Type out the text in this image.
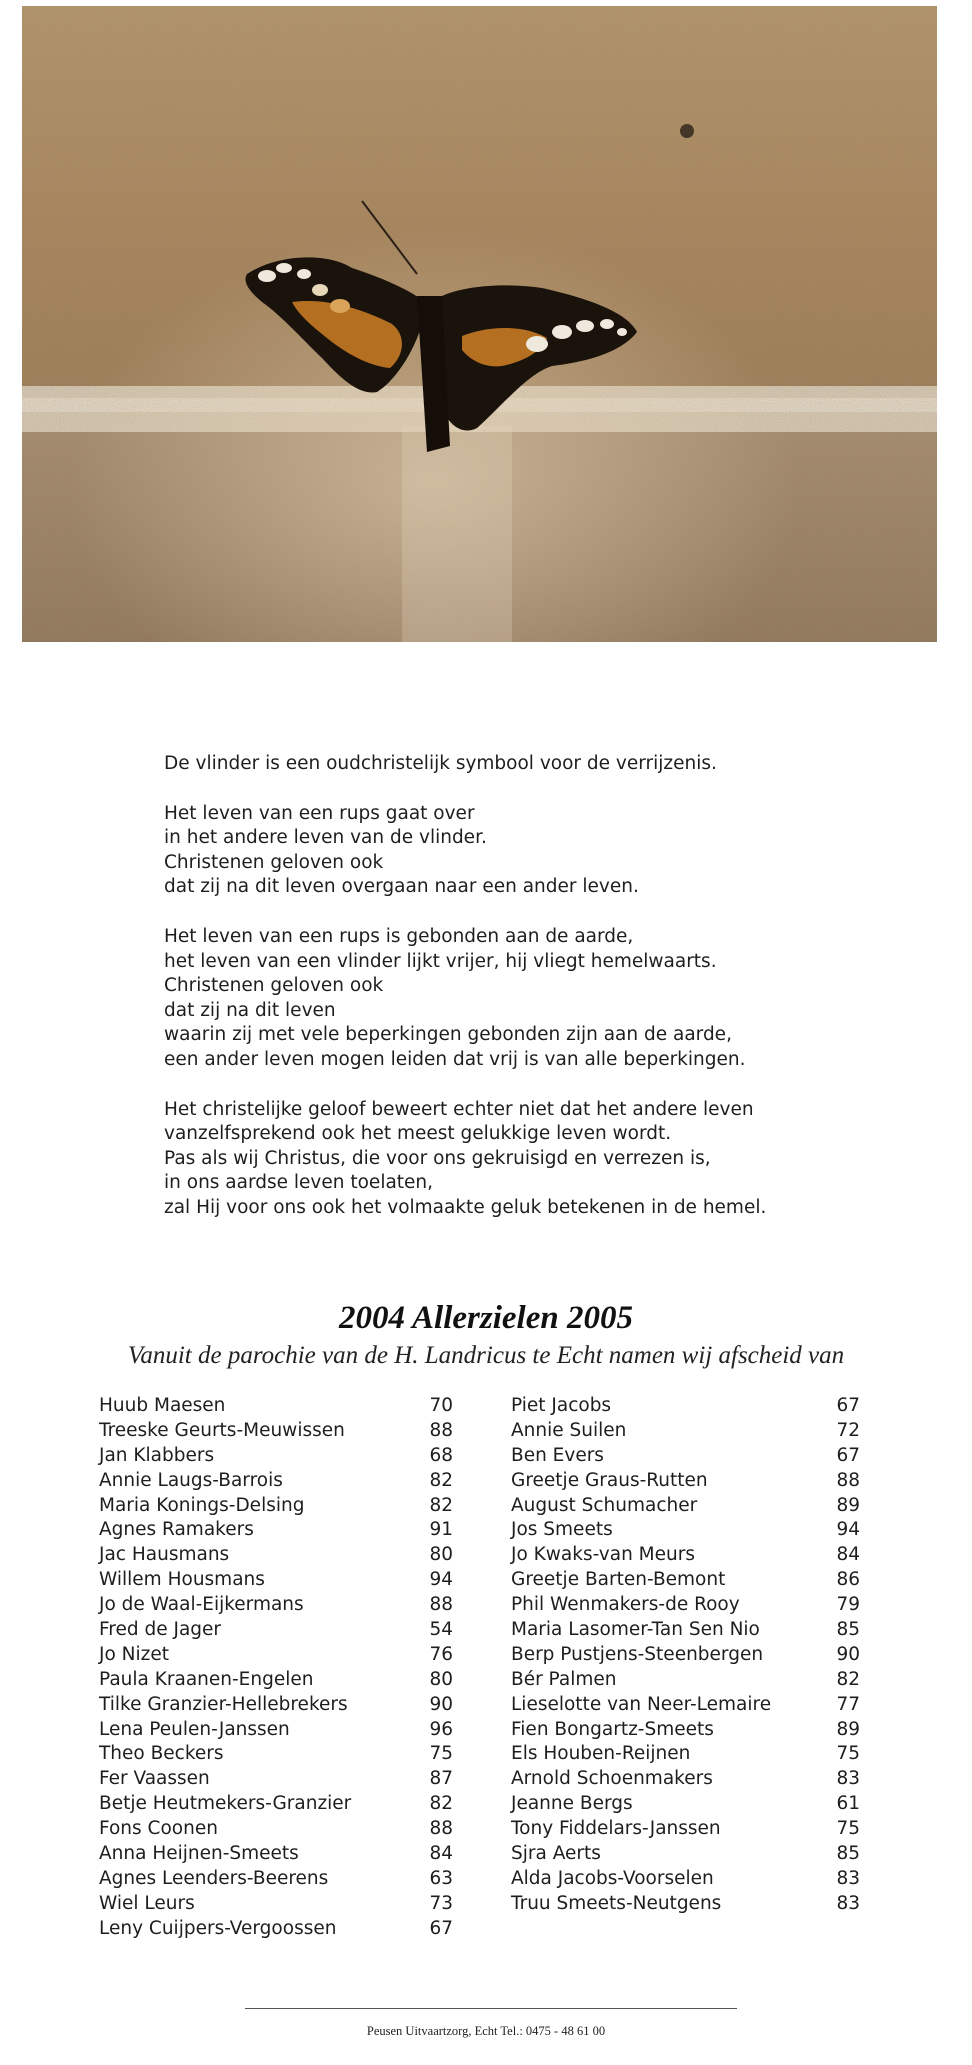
De vlinder is een oudchristelijk symbool voor de verrijzenis.
Het leven van een rups gaat over
in het andere leven van de vlinder.
Christenen geloven ook
dat zij na dit leven overgaan naar een ander leven.
Het leven van een rups is gebonden aan de aarde,
het leven van een vlinder lijkt vrijer, hij vliegt hemelwaarts.
Christenen geloven ook
dat zij na dit leven
waarin zij met vele beperkingen gebonden zijn aan de aarde,
een ander leven mogen leiden dat vrij is van alle beperkingen.
Het christelijke geloof beweert echter niet dat het andere leven
vanzelfsprekend ook het meest gelukkige leven wordt.
Pas als wij Christus, die voor ons gekruisigd en verrezen is,
in ons aardse leven toelaten,
zal Hij voor ons ook het volmaakte geluk betekenen in de hemel.
2004 Allerzielen 2005
Vanuit de parochie van de H. Landricus te Echt namen wij afscheid van
Huub Maesen	70
Treeske Geurts-Meuwissen	88
Jan Klabbers	68
Annie Laugs-Barrois	82
Maria Konings-Delsing	82
Agnes Ramakers	91
Jac Hausmans	80
Willem Housmans	94
Jo de Waal-Eijkermans	88
Fred de Jager	54
Jo Nizet	76
Paula Kraanen-Engelen	80
Tilke Granzier-Hellebrekers	90
Lena Peulen-Janssen	96
Theo Beckers	75
Fer Vaassen	87
Betje Heutmekers-Granzier	82
Fons Coonen	88
Anna Heijnen-Smeets	84
Agnes Leenders-Beerens	63
Wiel Leurs	73
Leny Cuijpers-Vergoossen	67
Piet Jacobs	67
Annie Suilen	72
Ben Evers	67
Greetje Graus-Rutten	88
August Schumacher	89
Jos Smeets	94
Jo Kwaks-van Meurs	84
Greetje Barten-Bemont	86
Phil Wenmakers-de Rooy	79
Maria Lasomer-Tan Sen Nio	85
Berp Pustjens-Steenbergen	90
Bér Palmen	82
Lieselotte van Neer-Lemaire	77
Fien Bongartz-Smeets	89
Els Houben-Reijnen	75
Arnold Schoenmakers	83
Jeanne Bergs	61
Tony Fiddelars-Janssen	75
Sjra Aerts	85
Alda Jacobs-Voorselen	83
Truu Smeets-Neutgens	83
Peusen Uitvaartzorg, Echt Tel.: 0475 - 48 61 00
